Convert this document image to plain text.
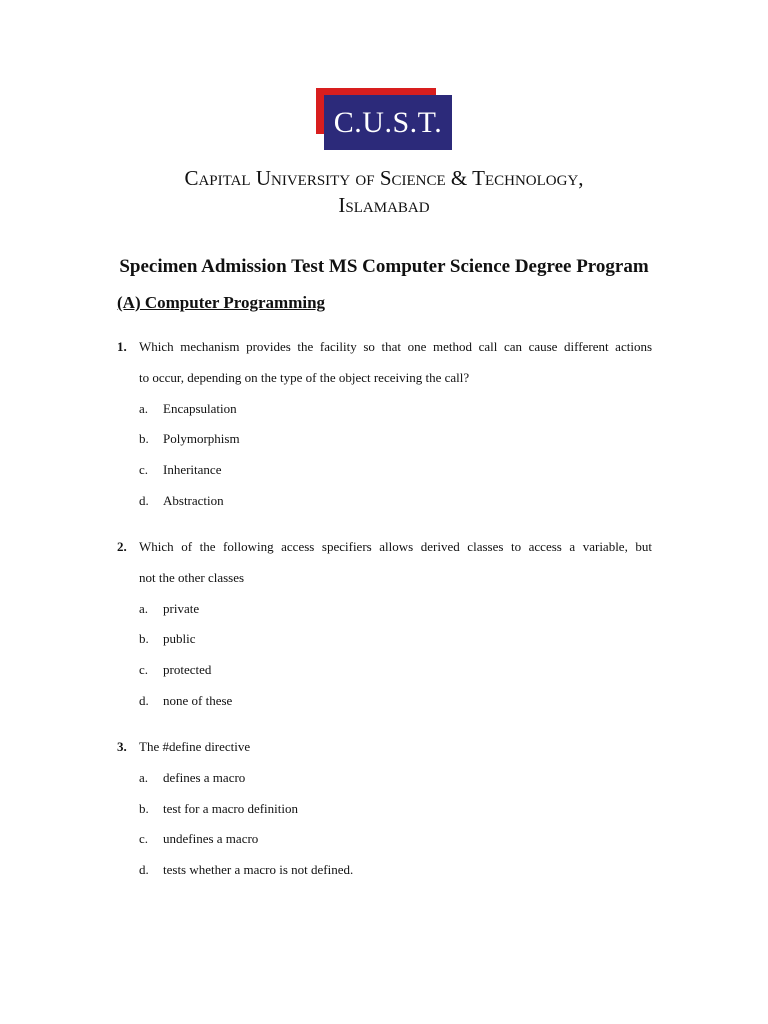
C.U.S.T.
Capital University of Science & Technology,
Islamabad
Specimen Admission Test MS Computer Science Degree Program
(A) Computer Programming
1. Which mechanism provides the facility so that one method call can cause different actions
to occur, depending on the type of the object receiving the call?
a. Encapsulation
b. Polymorphism
c. Inheritance
d. Abstraction
2. Which of the following access specifiers allows derived classes to access a variable, but
not the other classes
a. private
b. public
c. protected
d. none of these
3. The #define directive
a. defines a macro
b. test for a macro definition
c. undefines a macro
d. tests whether a macro is not defined.
